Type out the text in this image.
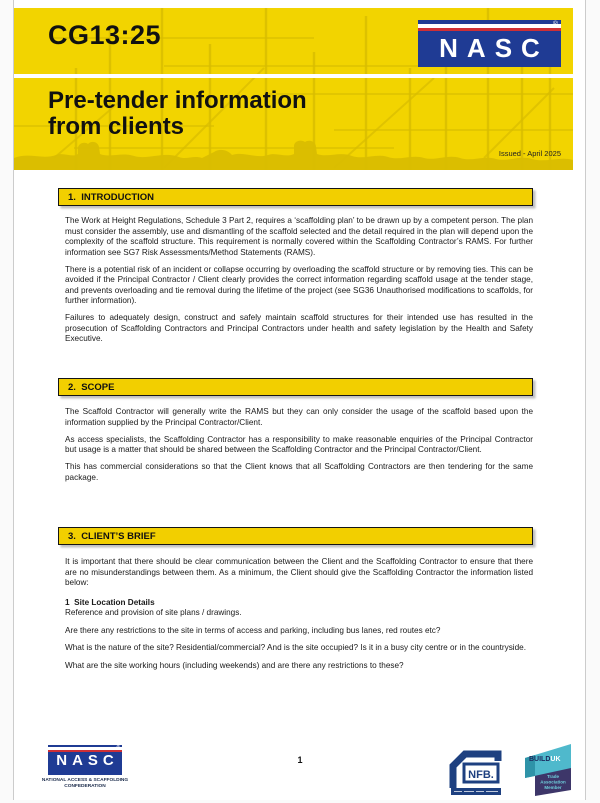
CG13:25	NASC
®
Pre-tender information
from clients
Issued - April 2025
1.  INTRODUCTION

The Work at Height Regulations, Schedule 3 Part 2, requires a ‘scaffolding plan’ to be drawn up by a competent person. The plan must consider the assembly, use and dismantling of the scaffold selected and the detail required in the plan will depend upon the complexity of the scaffold structure. This requirement is normally covered within the Scaffolding Contractor’s RAMS. For further information see SG7 Risk Assessments/Method Statements (RAMS).

There is a potential risk of an incident or collapse occurring by overloading the scaffold structure or by removing ties. This can be avoided if the Principal Contractor / Client clearly provides the correct information regarding scaffold usage at the tender stage, and prevents overloading and tie removal during the lifetime of the project (see SG36 Unauthorised modifications to scaffolds, for further information).

Failures to adequately design, construct and safely maintain scaffold structures for their intended use has resulted in the prosecution of Scaffolding Contractors and Principal Contractors under health and safety legislation by the Health and Safety Executive.

2.  SCOPE

The Scaffold Contractor will generally write the RAMS but they can only consider the usage of the scaffold based upon the information supplied by the Principal Contractor/Client.

As access specialists, the Scaffolding Contractor has a responsibility to make reasonable enquiries of the Principal Contractor but usage is a matter that should be shared between the Scaffolding Contractor and the Principal Contractor/Client.

This has commercial considerations so that the Client knows that all Scaffolding Contractors are then tendering for the same package.

3.  CLIENT’S BRIEF

It is important that there should be clear communication between the Client and the Scaffolding Contractor to ensure that there are no misunderstandings between them. As a minimum, the Client should give the Scaffolding Contractor the information listed below:

1  Site Location Details

Reference and provision of site plans / drawings.

Are there any restrictions to the site in terms of access and parking, including bus lanes, red routes etc?

What is the nature of the site? Residential/commercial? And is the site occupied? Is it in a busy city centre or in the countryside.

What are the site working hours (including weekends) and are there any restrictions to these?

NASC
®
NATIONAL ACCESS & SCAFFOLDING
CONFEDERATION
1
NFB.
BUILDUK
Trade
Association
Member
